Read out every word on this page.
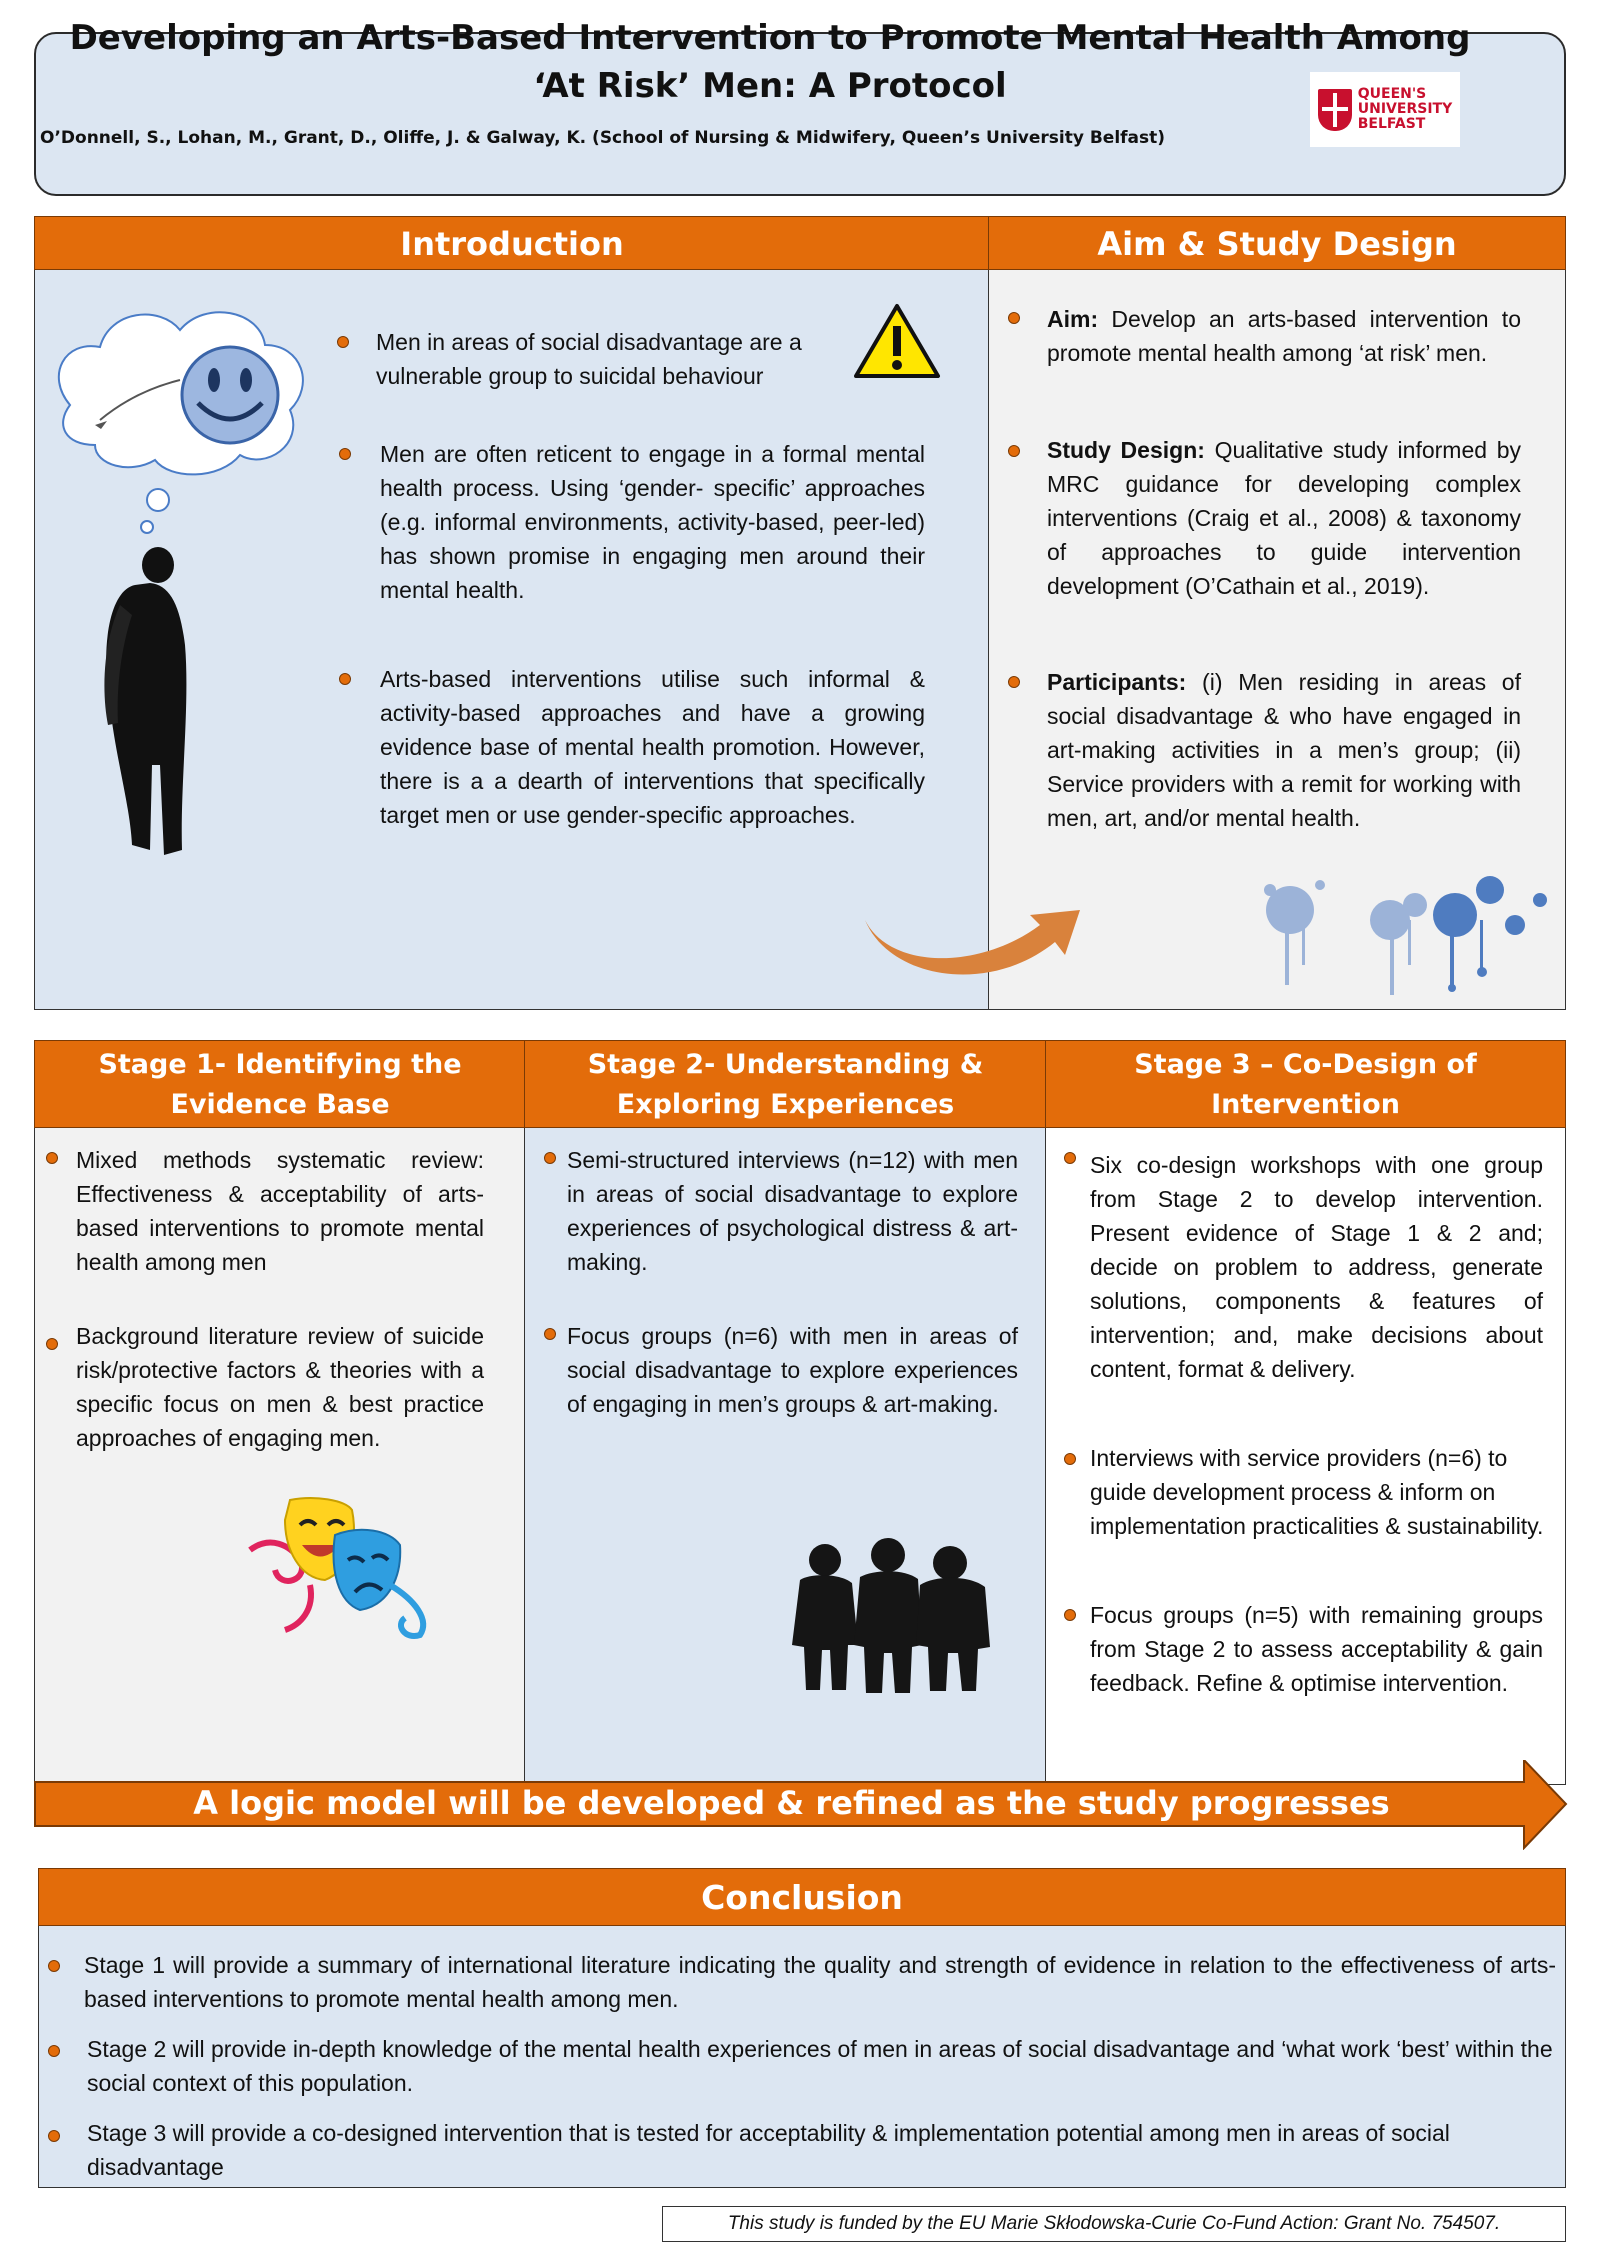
Developing an Arts-Based Intervention to Promote Mental Health Among
‘At Risk’ Men: A Protocol
O’Donnell, S., Lohan, M., Grant, D., Oliffe, J. & Galway, K. (School of Nursing & Midwifery, Queen’s University Belfast)
QUEEN'S
UNIVERSITY
BELFAST
Introduction	Aim & Study Design
Men in areas of social disadvantage are a vulnerable group to suicidal behaviour
Men are often reticent to engage in a formal mental health process. Using ‘gender- specific’ approaches (e.g. informal environments, activity-based, peer-led) has shown promise in engaging men around their mental health.
Arts-based interventions utilise such informal & activity-based approaches and have a growing evidence base of mental health promotion. However, there is a a dearth of interventions that specifically target men or use gender-specific approaches.
Aim: Develop an arts-based intervention to promote mental health among ‘at risk’ men.
Study Design: Qualitative study informed by MRC guidance for developing complex interventions (Craig et al., 2008) & taxonomy of approaches to guide intervention development (O’Cathain et al., 2019).
Participants: (i) Men residing in areas of social disadvantage & who have engaged in art-making activities in a men’s group; (ii) Service providers with a remit for working with men, art, and/or mental health.
Stage 1- Identifying the
Evidence Base
Stage 2- Understanding &
Exploring Experiences
Stage 3 – Co-Design of
Intervention
Mixed methods systematic review: Effectiveness & acceptability of arts-based interventions to promote mental health among men
Background literature review of suicide risk/protective factors & theories with a specific focus on men & best practice approaches of engaging men.
Semi-structured interviews (n=12) with men in areas of social disadvantage to explore experiences of psychological distress & art-making.
Focus groups (n=6) with men in areas of social disadvantage to explore experiences of engaging in men’s groups & art-making.
Six co-design workshops with one group from Stage 2 to develop intervention. Present evidence of Stage 1 & 2 and; decide on problem to address, generate solutions, components & features of intervention; and, make decisions about content, format & delivery.
Interviews with service providers (n=6) to guide development process & inform on implementation practicalities & sustainability.
Focus groups (n=5) with remaining groups from Stage 2 to assess acceptability & gain feedback. Refine & optimise intervention.
A logic model will be developed & refined as the study progresses
Conclusion
Stage 1 will provide a summary of international literature indicating the quality and strength of evidence in relation to the effectiveness of arts-based interventions to promote mental health among men.
Stage 2 will provide in-depth knowledge of the mental health experiences of men in areas of social disadvantage and ‘what work ‘best’ within the social context of this population.
Stage 3 will provide a co-designed intervention that is tested for acceptability & implementation potential among men in areas of social disadvantage
This study is funded by the EU Marie Skłodowska-Curie Co-Fund Action: Grant No. 754507.
